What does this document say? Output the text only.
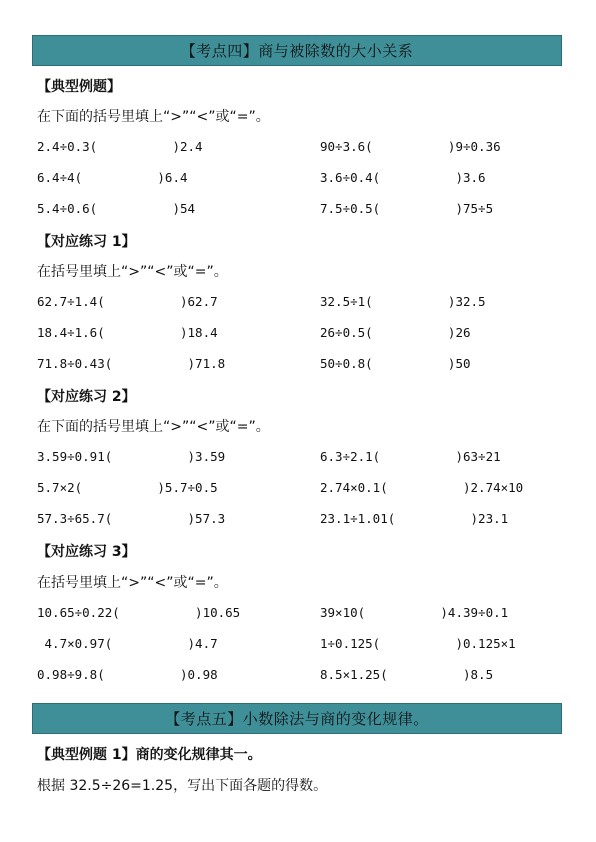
【考点四】商与被除数的大小关系
【典型例题】
在下面的括号里填上“>”“<”或“=”。
2.4÷0.3(          )2.4	90÷3.6(          )9÷0.36
6.4÷4(          )6.4	3.6÷0.4(          )3.6
5.4÷0.6(          )54	7.5÷0.5(          )75÷5
【对应练习 1】
在括号里填上“>”“<”或“=”。
62.7÷1.4(          )62.7	32.5÷1(          )32.5
18.4÷1.6(          )18.4	26÷0.5(          )26
71.8÷0.43(          )71.8	50÷0.8(          )50
【对应练习 2】
在下面的括号里填上“>”“<”或“=”。
3.59÷0.91(          )3.59	6.3÷2.1(          )63÷21
5.7×2(          )5.7÷0.5	2.74×0.1(          )2.74×10
57.3÷65.7(          )57.3	23.1÷1.01(          )23.1
【对应练习 3】
在括号里填上“>”“<”或“=”。
10.65÷0.22(          )10.65	39×10(          )4.39÷0.1
4.7×0.97(          )4.7	1÷0.125(          )0.125×1
0.98÷9.8(          )0.98	8.5×1.25(          )8.5
【考点五】小数除法与商的变化规律。
【典型例题 1】商的变化规律其一。
根据 32.5÷26=1.25，写出下面各题的得数。
